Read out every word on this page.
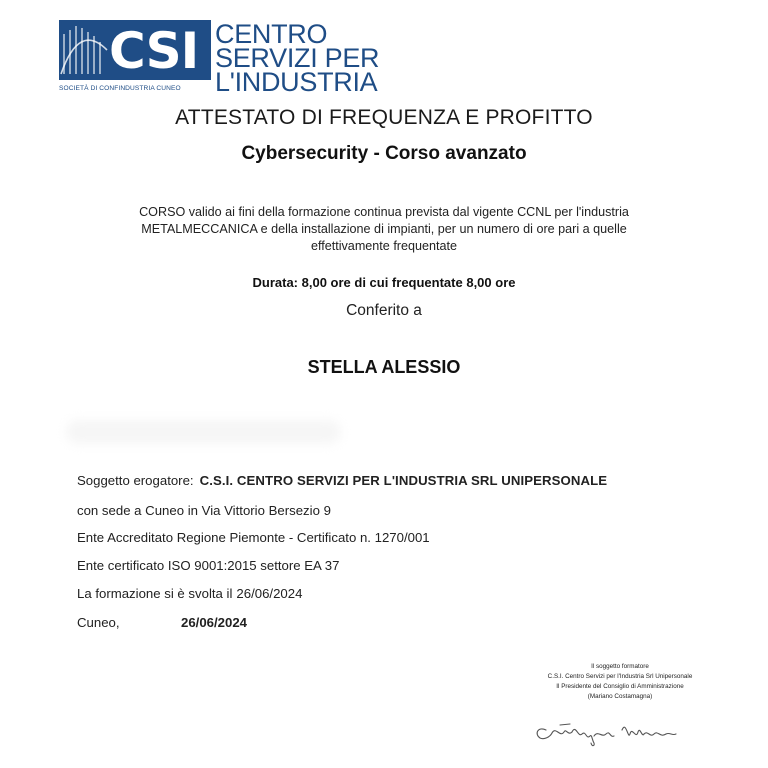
CSI
SOCIETÀ DI CONFINDUSTRIA CUNEO
CENTRO
SERVIZI PER
L'INDUSTRIA
ATTESTATO DI FREQUENZA E PROFITTO
Cybersecurity - Corso avanzato
CORSO valido ai fini della formazione continua prevista dal vigente CCNL per l'industria
METALMECCANICA e della installazione di impianti, per un numero di ore pari a quelle
effettivamente frequentate
Durata: 8,00 ore di cui frequentate 8,00 ore
Conferito a
STELLA ALESSIO
Soggetto erogatore: C.S.I. CENTRO SERVIZI PER L'INDUSTRIA SRL UNIPERSONALE
con sede a Cuneo in Via Vittorio Bersezio 9
Ente Accreditato Regione Piemonte - Certificato n. 1270/001
Ente certificato ISO 9001:2015 settore EA 37
La formazione si è svolta il 26/06/2024
Cuneo,	26/06/2024
Il soggetto formatore
C.S.I. Centro Servizi per l'Industria Srl Unipersonale
Il Presidente del Consiglio di Amministrazione
(Mariano Costamagna)
